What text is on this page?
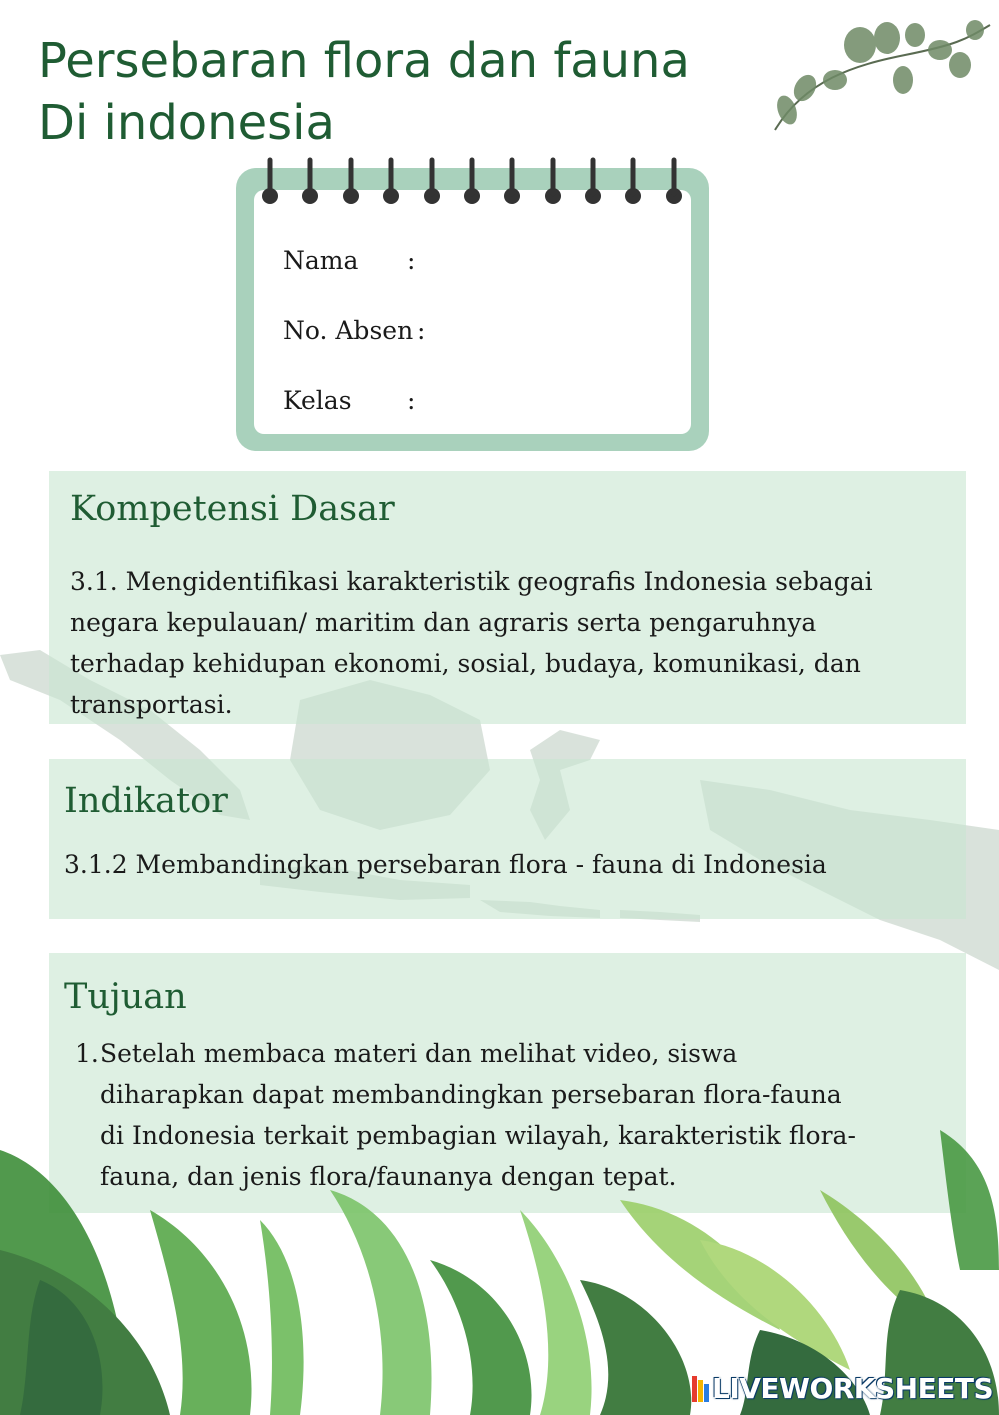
Persebaran flora dan fauna
Di indonesia
Nama :
No. Absen :
Kelas :
Kompetensi Dasar
3.1. Mengidentifikasi karakteristik geografis Indonesia sebagai
negara kepulauan/ maritim dan agraris serta pengaruhnya
terhadap kehidupan ekonomi, sosial, budaya, komunikasi, dan
transportasi.
Indikator
3.1.2 Membandingkan persebaran flora - fauna di Indonesia
Tujuan
1. Setelah membaca materi dan melihat video, siswa
diharapkan dapat membandingkan persebaran flora-fauna
di Indonesia terkait pembagian wilayah, karakteristik flora-
fauna, dan jenis flora/faunanya dengan tepat.
LIVEWORKSHEETS
